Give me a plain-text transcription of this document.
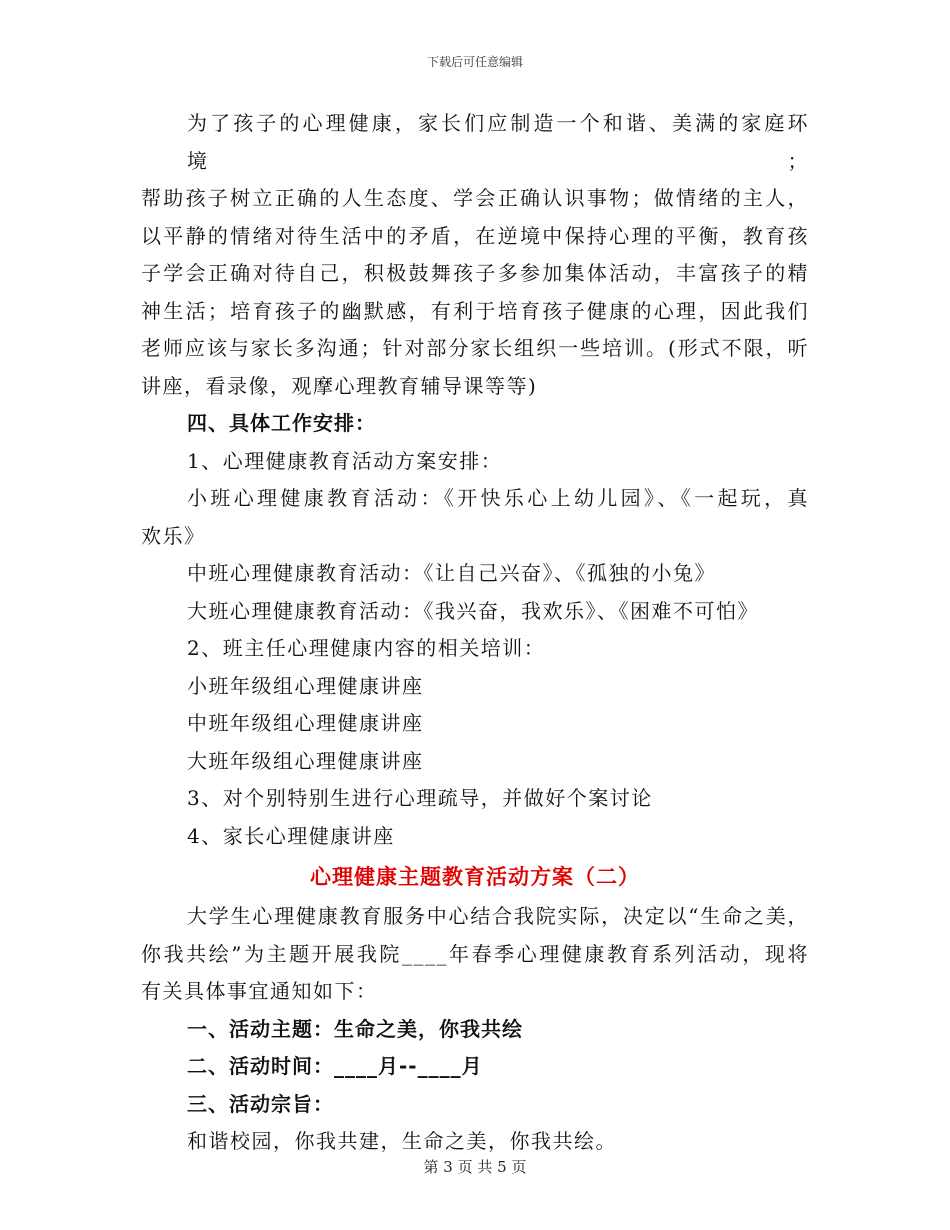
下载后可任意编辑
为了孩子的心理健康，家长们应制造一个和谐、美满的家庭环境；
帮助孩子树立正确的人生态度、学会正确认识事物；做情绪的主人，
以平静的情绪对待生活中的矛盾，在逆境中保持心理的平衡，教育孩
子学会正确对待自己，积极鼓舞孩子多参加集体活动，丰富孩子的精
神生活；培育孩子的幽默感，有利于培育孩子健康的心理，因此我们
老师应该与家长多沟通；针对部分家长组织一些培训。(形式不限，听
讲座，看录像，观摩心理教育辅导课等等)
四、具体工作安排：
1、心理健康教育活动方案安排：
小班心理健康教育活动：《开快乐心上幼儿园》、《一起玩，真
欢乐》
中班心理健康教育活动：《让自己兴奋》、《孤独的小兔》
大班心理健康教育活动：《我兴奋，我欢乐》、《困难不可怕》
2、班主任心理健康内容的相关培训：
小班年级组心理健康讲座
中班年级组心理健康讲座
大班年级组心理健康讲座
3、对个别特别生进行心理疏导，并做好个案讨论
4、家长心理健康讲座
心理健康主题教育活动方案（二）
大学生心理健康教育服务中心结合我院实际，决定以“生命之美，
你我共绘”为主题开展我院____年春季心理健康教育系列活动，现将
有关具体事宜通知如下：
一、活动主题：生命之美，你我共绘
二、活动时间：____月--____月
三、活动宗旨：
和谐校园，你我共建，生命之美，你我共绘。
第 3 页 共 5 页
